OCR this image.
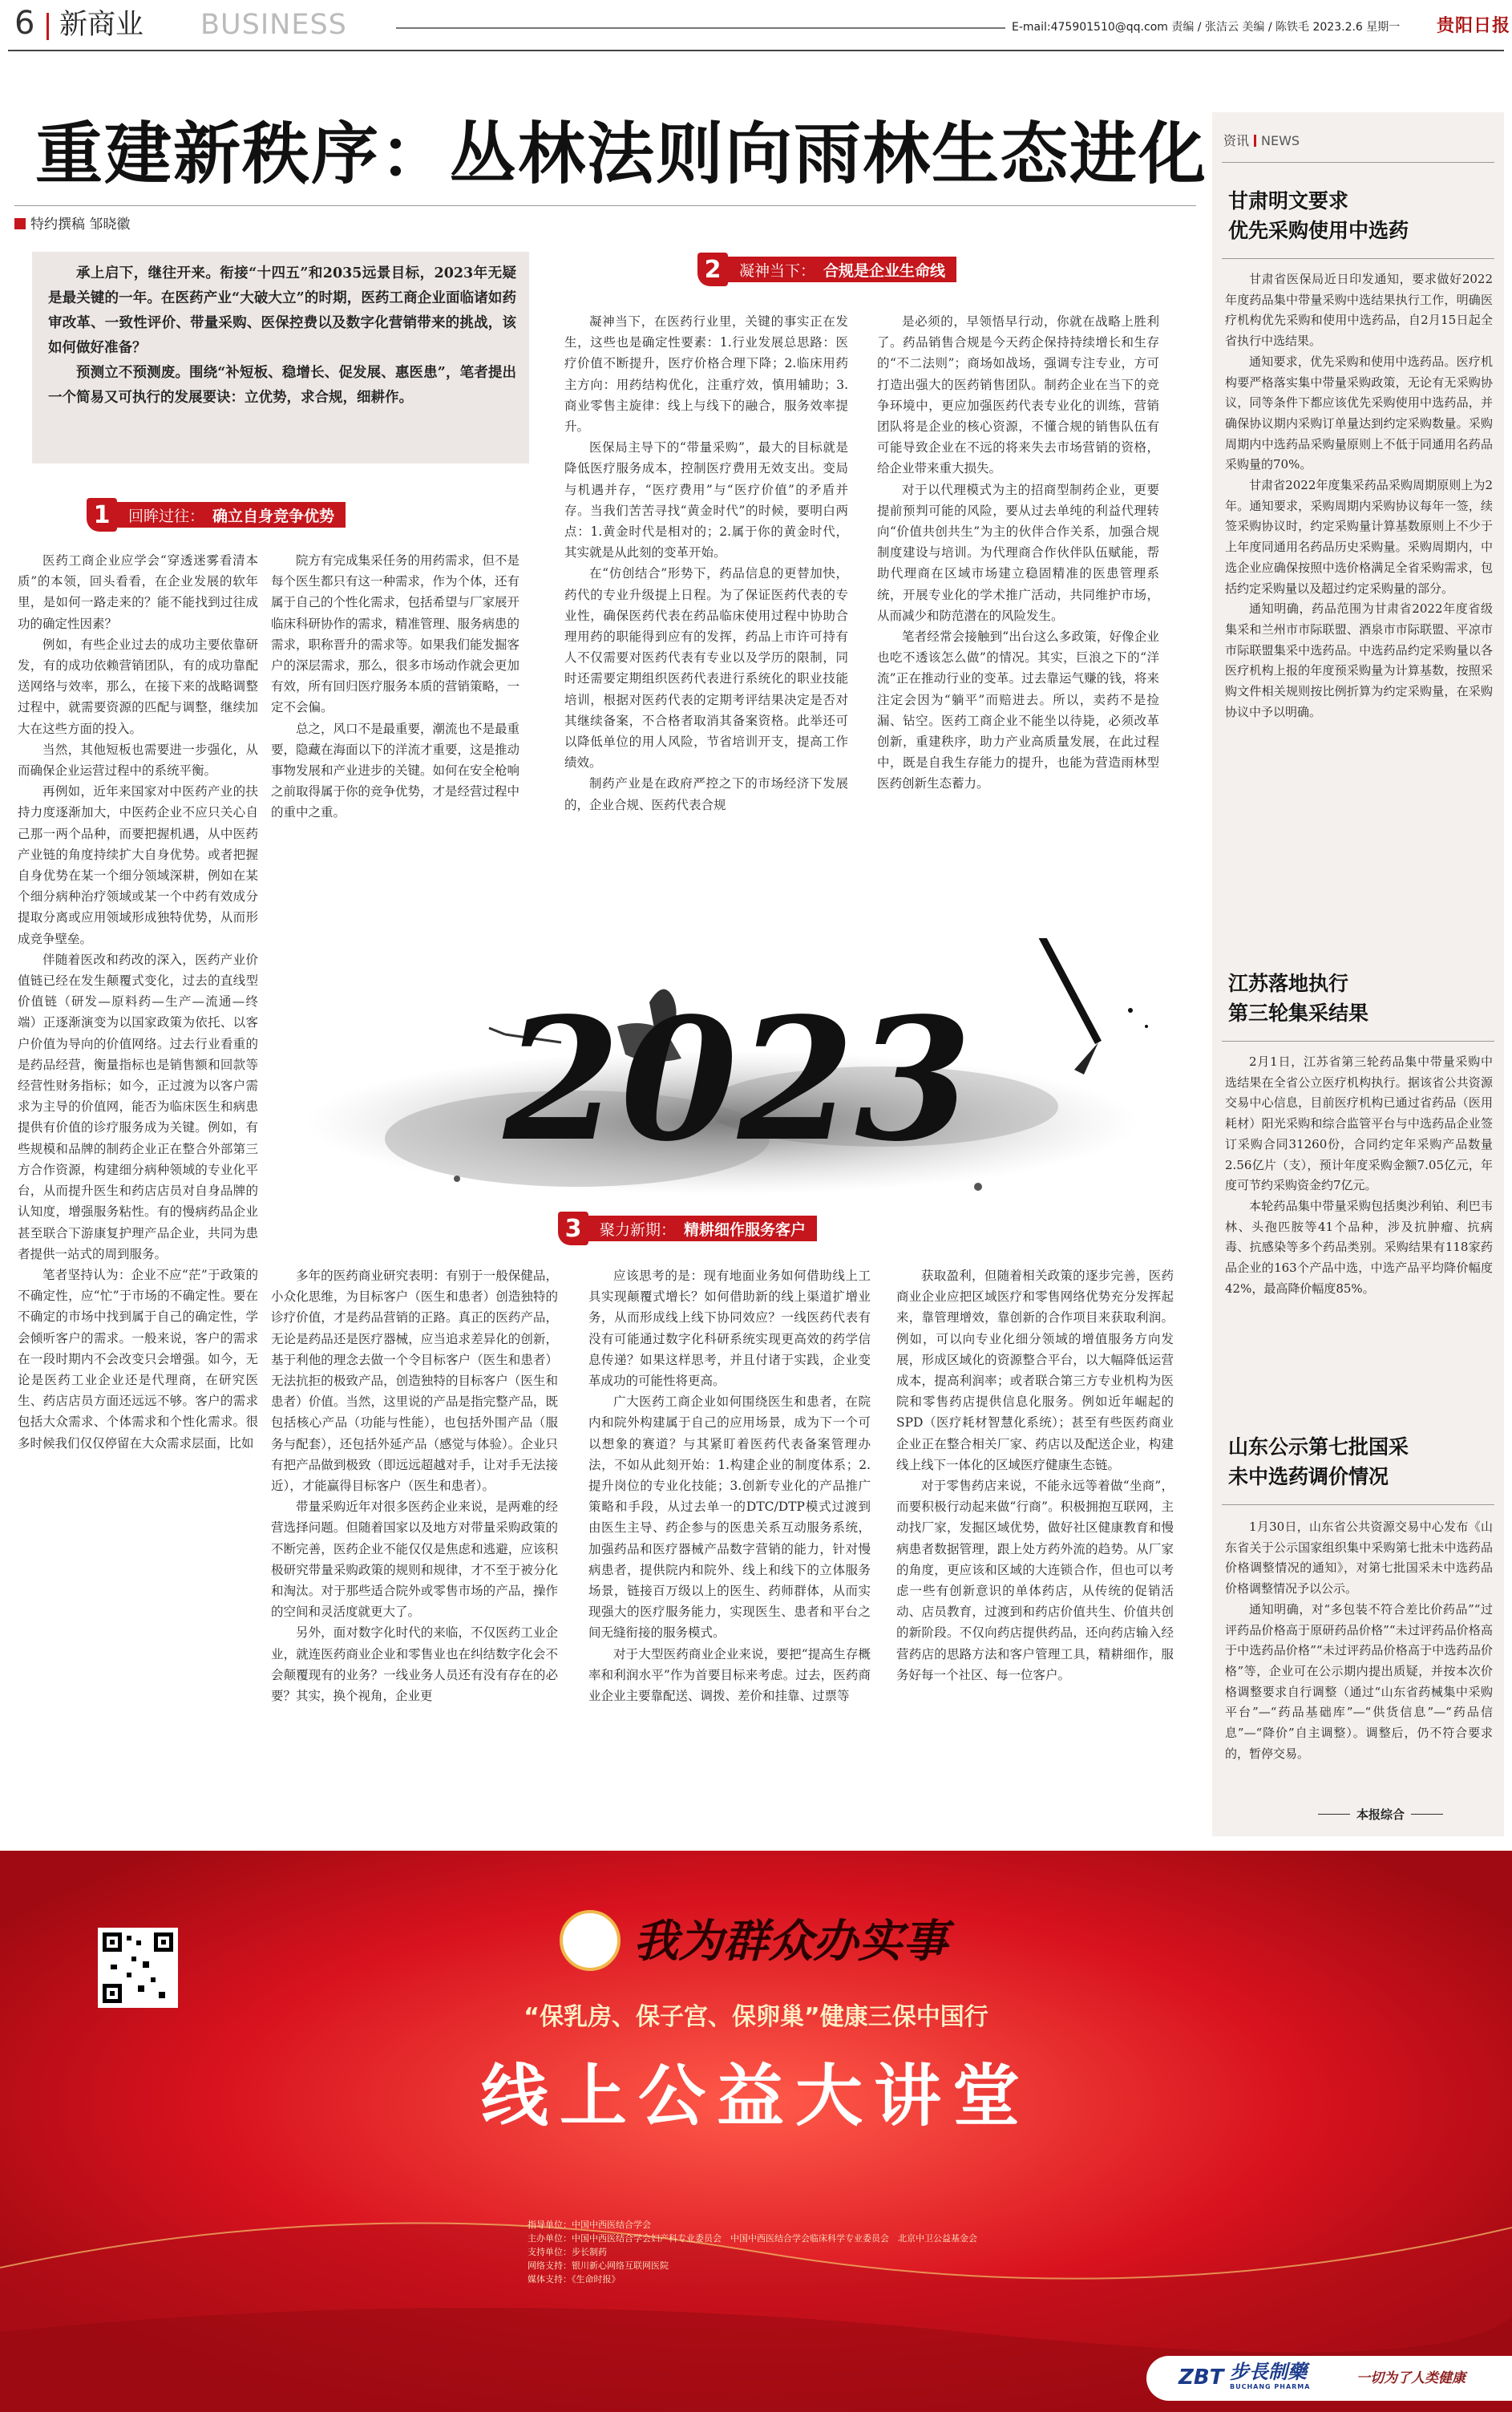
6 新商业 BUSINESS	E-mail:475901510@qq.com 责编 / 张洁云 美编 / 陈铁毛 2023.2.6 星期一 贵阳日报
重建新秩序：丛林法则向雨林生态进化
特约撰稿 邹晓徽
承上启下，继往开来。衔接“十四五”和2035远景目标，2023年无疑是最关键的一年。在医药产业“大破大立”的时期，医药工商企业面临诸如药审改革、一致性评价、带量采购、医保控费以及数字化营销带来的挑战，该如何做好准备？
预测立不预测废。围绕“补短板、稳增长、促发展、惠医患”，笔者提出一个简易又可执行的发展要诀：立优势，求合规，细耕作。
1	回眸过往： 确立自身竞争优势
2	凝神当下： 合规是企业生命线
3	聚力新期： 精耕细作服务客户

医药工商企业应学会“穿透迷雾看清本质”的本领，回头看看，在企业发展的软年里，是如何一路走来的？能不能找到过往成功的确定性因素？

例如，有些企业过去的成功主要依靠研发，有的成功依赖营销团队，有的成功靠配送网络与效率，那么，在接下来的战略调整过程中，就需要资源的匹配与调整，继续加大在这些方面的投入。

当然，其他短板也需要进一步强化，从而确保企业运营过程中的系统平衡。

再例如，近年来国家对中医药产业的扶持力度逐渐加大，中医药企业不应只关心自己那一两个品种，而要把握机遇，从中医药产业链的角度持续扩大自身优势。或者把握自身优势在某一个细分领域深耕，例如在某个细分病种治疗领域或某一个中药有效成分提取分离或应用领域形成独特优势，从而形成竞争壁垒。

伴随着医改和药改的深入，医药产业价值链已经在发生颠覆式变化，过去的直线型价值链（研发—原料药—生产—流通—终端）正逐渐演变为以国家政策为依托、以客户价值为导向的价值网络。过去行业看重的是药品经营，衡量指标也是销售额和回款等经营性财务指标；如今，正过渡为以客户需求为主导的价值网，能否为临床医生和病患提供有价值的诊疗服务成为关键。例如，有些规模和品牌的制药企业正在整合外部第三方合作资源，构建细分病种领域的专业化平台，从而提升医生和药店店员对自身品牌的认知度，增强服务粘性。有的慢病药品企业甚至联合下游康复护理产品企业，共同为患者提供一站式的周到服务。

笔者坚持认为：企业不应“茫”于政策的不确定性，应“忙”于市场的不确定性。要在不确定的市场中找到属于自己的确定性，学会倾听客户的需求。一般来说，客户的需求在一段时期内不会改变只会增强。如今，无论是医药工业企业还是代理商，在研究医生、药店店员方面还远远不够。客户的需求包括大众需求、个体需求和个性化需求。很多时候我们仅仅停留在大众需求层面，比如

院方有完成集采任务的用药需求，但不是每个医生都只有这一种需求，作为个体，还有属于自己的个性化需求，包括希望与厂家展开临床科研协作的需求，精准管理、服务病患的需求，职称晋升的需求等。如果我们能发掘客户的深层需求，那么，很多市场动作就会更加有效，所有回归医疗服务本质的营销策略，一定不会偏。

总之，风口不是最重要，潮流也不是最重要，隐藏在海面以下的洋流才重要，这是推动事物发展和产业进步的关键。如何在安全枪响之前取得属于你的竞争优势，才是经营过程中的重中之重。

凝神当下，在医药行业里，关键的事实正在发生，这些也是确定性要素：1.行业发展总思路：医疗价值不断提升，医疗价格合理下降；2.临床用药主方向：用药结构优化，注重疗效，慎用辅助；3.商业零售主旋律：线上与线下的融合，服务效率提升。

医保局主导下的“带量采购”，最大的目标就是降低医疗服务成本，控制医疗费用无效支出。变局与机遇并存，“医疗费用”与“医疗价值”的矛盾并存。当我们苦苦寻找“黄金时代”的时候，要明白两点：1.黄金时代是相对的；2.属于你的黄金时代，其实就是从此刻的变革开始。

在“仿创结合”形势下，药品信息的更替加快，药代的专业升级提上日程。为了保证医药代表的专业性，确保医药代表在药品临床使用过程中协助合理用药的职能得到应有的发挥，药品上市许可持有人不仅需要对医药代表有专业以及学历的限制，同时还需要定期组织医药代表进行系统化的职业技能培训，根据对医药代表的定期考评结果决定是否对其继续备案，不合格者取消其备案资格。此举还可以降低单位的用人风险，节省培训开支，提高工作绩效。

制药产业是在政府严控之下的市场经济下发展的，企业合规、医药代表合规

是必须的，早领悟早行动，你就在战略上胜利了。药品销售合规是今天药企保持持续增长和生存的“不二法则”；商场如战场，强调专注专业，方可打造出强大的医药销售团队。制药企业在当下的竞争环境中，更应加强医药代表专业化的训练，营销团队将是企业的核心资源，不懂合规的销售队伍有可能导致企业在不远的将来失去市场营销的资格，给企业带来重大损失。

对于以代理模式为主的招商型制药企业，更要提前预判可能的风险，要从过去单纯的利益代理转向“价值共创共生”为主的伙伴合作关系，加强合规制度建设与培训。为代理商合作伙伴队伍赋能，帮助代理商在区域市场建立稳固精准的医患管理系统，开展专业化的学术推广活动，共同维护市场，从而减少和防范潜在的风险发生。

笔者经常会接触到“出台这么多政策，好像企业也吃不透该怎么做”的情况。其实，巨浪之下的“洋流”正在推动行业的变革。过去靠运气赚的钱，将来注定会因为“躺平”而赔进去。所以，卖药不是捡漏、钻空。医药工商企业不能坐以待毙，必须改革创新，重建秩序，助力产业高质量发展，在此过程中，既是自我生存能力的提升，也能为营造雨林型医药创新生态蓄力。

多年的医药商业研究表明：有别于一般保健品，小众化思维，为目标客户（医生和患者）创造独特的诊疗价值，才是药品营销的正路。真正的医药产品，无论是药品还是医疗器械，应当追求差异化的创新，基于利他的理念去做一个令目标客户（医生和患者）无法抗拒的极致产品，创造独特的目标客户（医生和患者）价值。当然，这里说的产品是指完整产品，既包括核心产品（功能与性能），也包括外围产品（服务与配套），还包括外延产品（感觉与体验）。企业只有把产品做到极致（即远远超越对手，让对手无法接近），才能赢得目标客户（医生和患者）。

带量采购近年对很多医药企业来说，是两难的经营选择问题。但随着国家以及地方对带量采购政策的不断完善，医药企业不能仅仅是焦虑和逃避，应该积极研究带量采购政策的规则和规律，才不至于被分化和淘汰。对于那些适合院外或零售市场的产品，操作的空间和灵活度就更大了。

另外，面对数字化时代的来临，不仅医药工业企业，就连医药商业企业和零售业也在纠结数字化会不会颠覆现有的业务？一线业务人员还有没有存在的必要？其实，换个视角，企业更

应该思考的是：现有地面业务如何借助线上工具实现颠覆式增长？如何借助新的线上渠道扩增业务，从而形成线上线下协同效应？一线医药代表有没有可能通过数字化科研系统实现更高效的药学信息传递？如果这样思考，并且付诸于实践，企业变革成功的可能性将更高。

广大医药工商企业如何围绕医生和患者，在院内和院外构建属于自己的应用场景，成为下一个可以想象的赛道？与其紧盯着医药代表备案管理办法，不如从此刻开始：1.构建企业的制度体系；2.提升岗位的专业化技能；3.创新专业化的产品推广策略和手段，从过去单一的DTC/DTP模式过渡到由医生主导、药企参与的医患关系互动服务系统，加强药品和医疗器械产品数字营销的能力，针对慢病患者，提供院内和院外、线上和线下的立体服务场景，链接百万级以上的医生、药师群体，从而实现强大的医疗服务能力，实现医生、患者和平台之间无缝衔接的服务模式。

对于大型医药商业企业来说，要把“提高生存概率和利润水平”作为首要目标来考虑。过去，医药商业企业主要靠配送、调拨、差价和挂靠、过票等

获取盈利，但随着相关政策的逐步完善，医药商业企业应把区域医疗和零售网络优势充分发挥起来，靠管理增效，靠创新的合作项目来获取利润。例如，可以向专业化细分领域的增值服务方向发展，形成区域化的资源整合平台，以大幅降低运营成本，提高利润率；或者联合第三方专业机构为医院和零售药店提供信息化服务。例如近年崛起的SPD（医疗耗材智慧化系统）；甚至有些医药商业企业正在整合相关厂家、药店以及配送企业，构建线上线下一体化的区域医疗健康生态链。

对于零售药店来说，不能永远等着做“坐商”，而要积极行动起来做“行商”。积极拥抱互联网，主动找厂家，发掘区域优势，做好社区健康教育和慢病患者数据管理，跟上处方药外流的趋势。从厂家的角度，更应该和区域的大连锁合作，但也可以考虑一些有创新意识的单体药店，从传统的促销活动、店员教育，过渡到和药店价值共生、价值共创的新阶段。不仅向药店提供药品，还向药店输入经营药店的思路方法和客户管理工具，精耕细作，服务好每一个社区、每一位客户。

2023
资讯 NEWS
甘肃明文要求
优先采购使用中选药

甘肃省医保局近日印发通知，要求做好2022年度药品集中带量采购中选结果执行工作，明确医疗机构优先采购和使用中选药品，自2月15日起全省执行中选结果。

通知要求，优先采购和使用中选药品。医疗机构要严格落实集中带量采购政策，无论有无采购协议，同等条件下都应该优先采购使用中选药品，并确保协议期内采购订单量达到约定采购数量。采购周期内中选药品采购量原则上不低于同通用名药品采购量的70%。

甘肃省2022年度集采药品采购周期原则上为2年。通知要求，采购周期内采购协议每年一签，续签采购协议时，约定采购量计算基数原则上不少于上年度同通用名药品历史采购量。采购周期内，中选企业应确保按照中选价格满足全省采购需求，包括约定采购量以及超过约定采购量的部分。

通知明确，药品范围为甘肃省2022年度省级集采和兰州市市际联盟、酒泉市市际联盟、平凉市市际联盟集采中选药品。中选药品约定采购量以各医疗机构上报的年度预采购量为计算基数，按照采购文件相关规则按比例折算为约定采购量，在采购协议中予以明确。

江苏落地执行
第三轮集采结果

2月1日，江苏省第三轮药品集中带量采购中选结果在全省公立医疗机构执行。据该省公共资源交易中心信息，目前医疗机构已通过省药品（医用耗材）阳光采购和综合监管平台与中选药品企业签订采购合同31260份，合同约定年采购产品数量2.56亿片（支），预计年度采购金额7.05亿元，年度可节约采购资金约7亿元。

本轮药品集中带量采购包括奥沙利铂、利巴韦林、头孢匹胺等41个品种，涉及抗肿瘤、抗病毒、抗感染等多个药品类别。采购结果有118家药品企业的163个产品中选，中选产品平均降价幅度42%，最高降价幅度85%。

山东公示第七批国采
未中选药调价情况

1月30日，山东省公共资源交易中心发布《山东省关于公示国家组织集中采购第七批未中选药品价格调整情况的通知》，对第七批国采未中选药品价格调整情况予以公示。

通知明确，对“多包装不符合差比价药品”“过评药品价格高于原研药品价格”“未过评药品价格高于中选药品价格”“未过评药品价格高于中选药品价格”等，企业可在公示期内提出质疑，并按本次价格调整要求自行调整（通过“山东省药械集中采购平台”—“药品基础库”—“供货信息”—“药品信息”—“降价”自主调整）。调整后，仍不符合要求的，暂停交易。

本报综合
我为群众办实事
“保乳房、保子宫、保卵巢”健康三保中国行
线上公益大讲堂
指导单位：中国中西医结合学会
主办单位：中国中西医结合学会妇产科专业委员会　中国中西医结合学会临床科学专业委员会　北京中卫公益基金会
支持单位：步长制药
网络支持：银川新心网络互联网医院
媒体支持：《生命时报》
ZBT 步長制藥
BUCHANG PHARMA
一切为了人类健康
